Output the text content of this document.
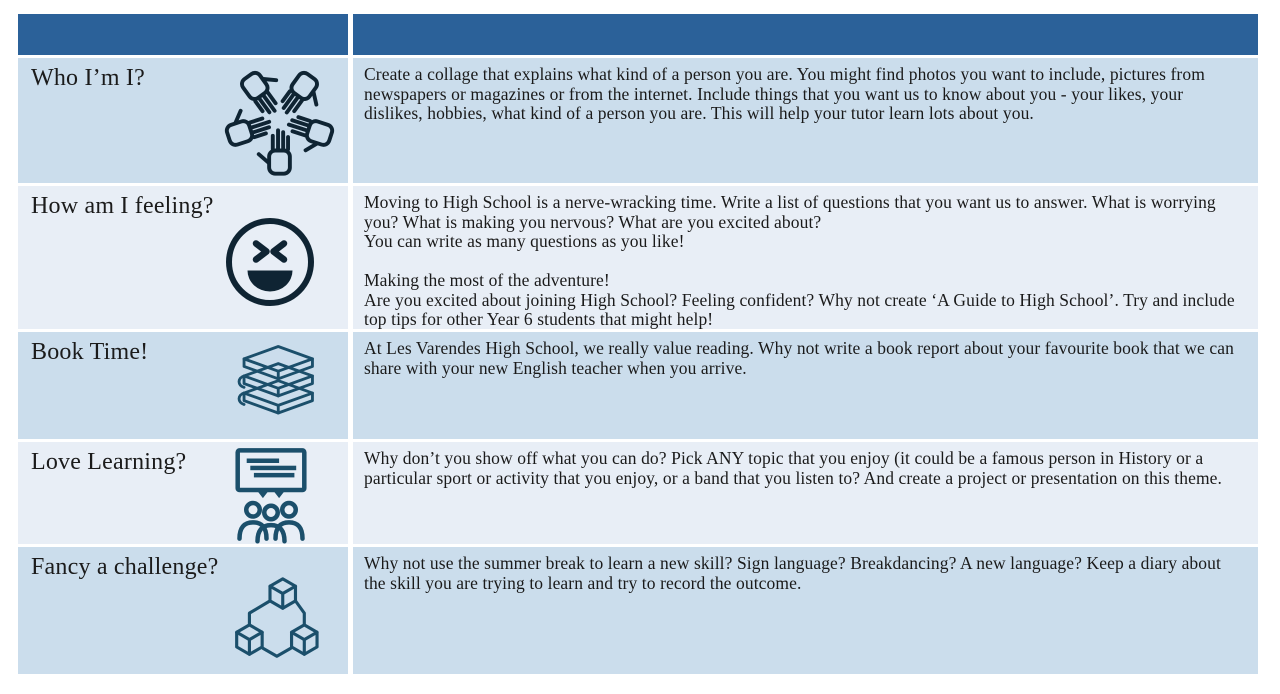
Who I’m I?	Create a collage that explains what kind of a person you are. You might find photos you want to include, pictures from newspapers or magazines or from the internet. Include things that you want us to know about you - your likes, your dislikes, hobbies, what kind of a person you are. This will help your tutor learn lots about you.

How am I feeling?	Moving to High School is a nerve-wracking time. Write a list of questions that you want us to answer. What is worrying you? What is making you nervous? What are you excited about?

You can write as many questions as you like!

Making the most of the adventure!

Are you excited about joining High School? Feeling confident? Why not create ‘A Guide to High School’. Try and include top tips for other Year 6 students that might help!

Book Time!	At Les Varendes High School, we really value reading. Why not write a book report about your favourite book that we can share with your new English teacher when you arrive.

Love Learning?	Why don’t you show off what you can do? Pick ANY topic that you enjoy (it could be a famous person in History or a particular sport or activity that you enjoy, or a band that you listen to? And create a project or presentation on this theme.

Fancy a challenge?	Why not use the summer break to learn a new skill? Sign language? Breakdancing? A new language? Keep a diary about the skill you are trying to learn and try to record the outcome.
